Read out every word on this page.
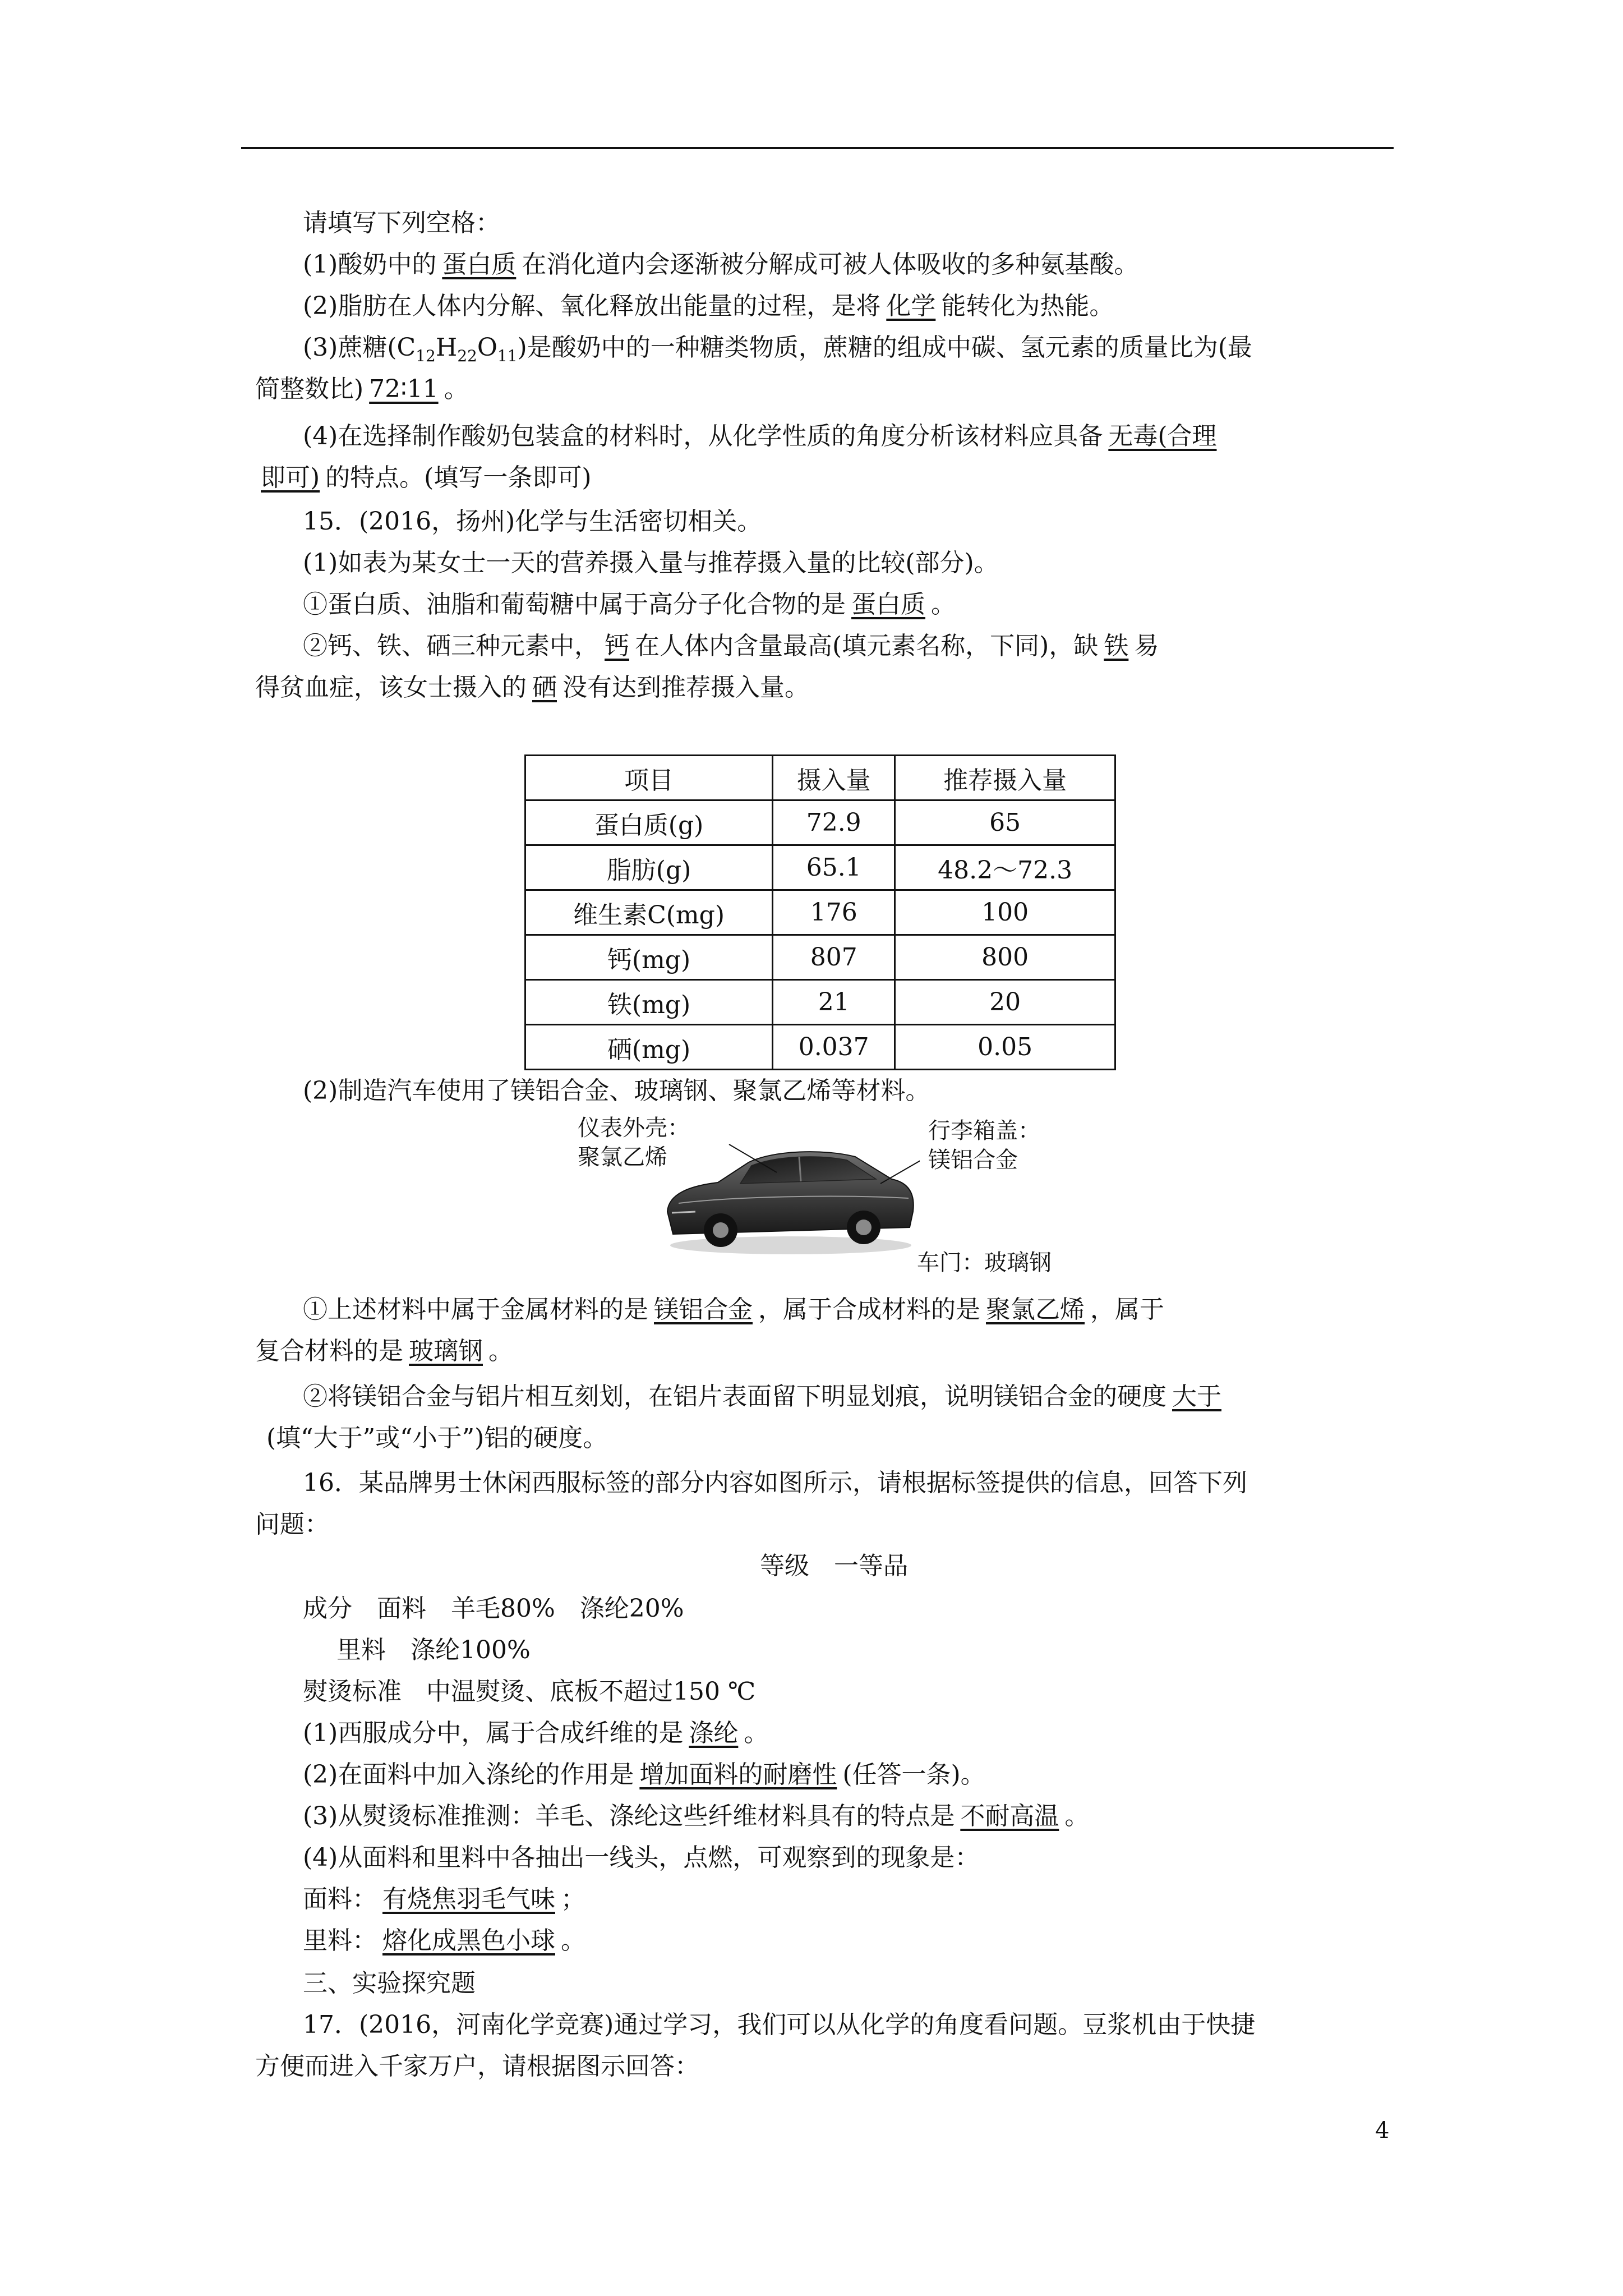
请填写下列空格：
(1)酸奶中的 蛋白质 在消化道内会逐渐被分解成可被人体吸收的多种氨基酸。
(2)脂肪在人体内分解、氧化释放出能量的过程，是将 化学 能转化为热能。
(3)蔗糖$(C_{12}H_{22}O_{11})$是酸奶中的一种糖类物质，蔗糖的组成中碳、氢元素的质量比为(最
简整数比) 72∶11 。
(4)在选择制作酸奶包装盒的材料时，从化学性质的角度分析该材料应具备 无毒(合理
即可) 的特点。(填写一条即可)
15．(2016，扬州)化学与生活密切相关。
(1)如表为某女士一天的营养摄入量与推荐摄入量的比较(部分)。
①蛋白质、油脂和葡萄糖中属于高分子化合物的是 蛋白质 。
②钙、铁、硒三种元素中， 钙 在人体内含量最高(填元素名称，下同)，缺 铁 易
得贫血症，该女士摄入的 硒 没有达到推荐摄入量。
项目	摄入量	推荐摄入量
蛋白质(g)	72.9	65
脂肪(g)	65.1	48.2～72.3
维生素C(mg)	176	100
钙(mg)	807	800
铁(mg)	21	20
硒(mg)	0.037	0.05
(2)制造汽车使用了镁铝合金、玻璃钢、聚氯乙烯等材料。
仪表外壳：
聚氯乙烯
行李箱盖：
镁铝合金
车门：玻璃钢
①上述材料中属于金属材料的是 镁铝合金 ，属于合成材料的是 聚氯乙烯 ，属于
复合材料的是 玻璃钢 。
②将镁铝合金与铝片相互刻划，在铝片表面留下明显划痕，说明镁铝合金的硬度 大于
(填“大于”或“小于”)铝的硬度。
16．某品牌男士休闲西服标签的部分内容如图所示，请根据标签提供的信息，回答下列
问题：
等级　一等品
成分　面料　羊毛80%　涤纶20%
里料　涤纶100%
熨烫标准　中温熨烫、底板不超过150 ℃
(1)西服成分中，属于合成纤维的是 涤纶 。
(2)在面料中加入涤纶的作用是 增加面料的耐磨性 (任答一条)。
(3)从熨烫标准推测：羊毛、涤纶这些纤维材料具有的特点是 不耐高温 。
(4)从面料和里料中各抽出一线头，点燃，可观察到的现象是：
面料： 有烧焦羽毛气味 ；
里料： 熔化成黑色小球 。
三、实验探究题
17．(2016，河南化学竞赛)通过学习，我们可以从化学的角度看问题。豆浆机由于快捷
方便而进入千家万户，请根据图示回答：
4
